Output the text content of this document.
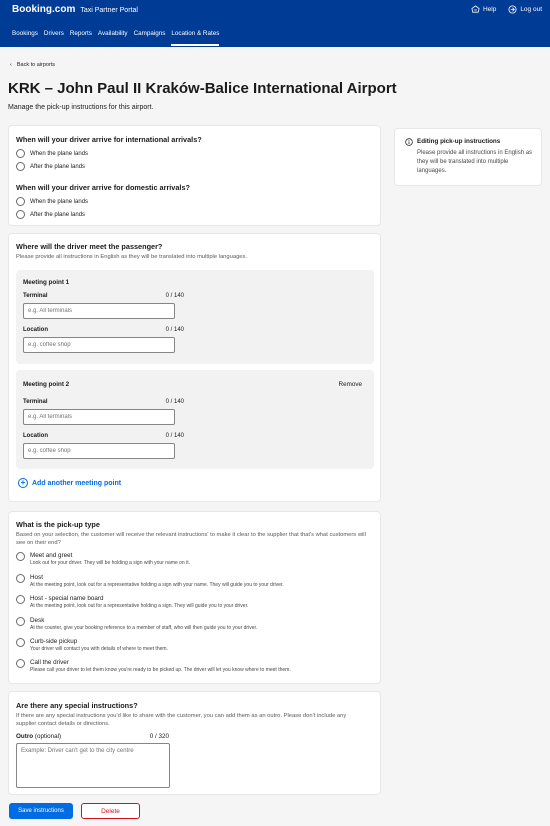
Booking.com Taxi Partner Portal	Help	Log out
Bookings Drivers Reports Availability Campaigns Location & Rates
‹ Back to airports
KRK – John Paul II Kraków-Balice International Airport
Manage the pick-up instructions for this airport.
When will your driver arrive for international arrivals?
When the plane lands
After the plane lands
When will your driver arrive for domestic arrivals?
When the plane lands
After the plane lands
Editing pick-up instructions
Please provide all instructions in English as they will be translated into multiple languages.
Where will the driver meet the passenger?
Please provide all instructions in English as they will be translated into multiple languages.
Meeting point 1
Terminal	0 / 140
e.g. All terminals
Location	0 / 140
e.g. coffee shop
Meeting point 2	Remove
Terminal	0 / 140
e.g. All terminals
Location	0 / 140
e.g. coffee shop
+ Add another meeting point
What is the pick-up type
Based on your selection, the customer will receive the relevant instructions' to make it clear to the supplier that that's what customers will see on their end?
Meet and greet
Look out for your driver. They will be holding a sign with your name on it.
Host
At the meeting point, look out for a representative holding a sign with your name. They will guide you to your driver.
Host - special name board
At the meeting point, look out for a representative holding a sign. They will guide you to your driver.
Desk
At the counter, give your booking reference to a member of staff, who will then guide you to your driver.
Curb-side pickup
Your driver will contact you with details of where to meet them.
Call the driver
Please call your driver to let them know you're ready to be picked up. The driver will let you know where to meet them.
Are there any special instructions?
If there are any special instructions you'd like to share with the customer, you can add them as an outro. Please don't include any supplier contact details or directions.
Outro (optional)	0 / 320
Example: Driver can't get to the city centre
Save instructions	Delete
